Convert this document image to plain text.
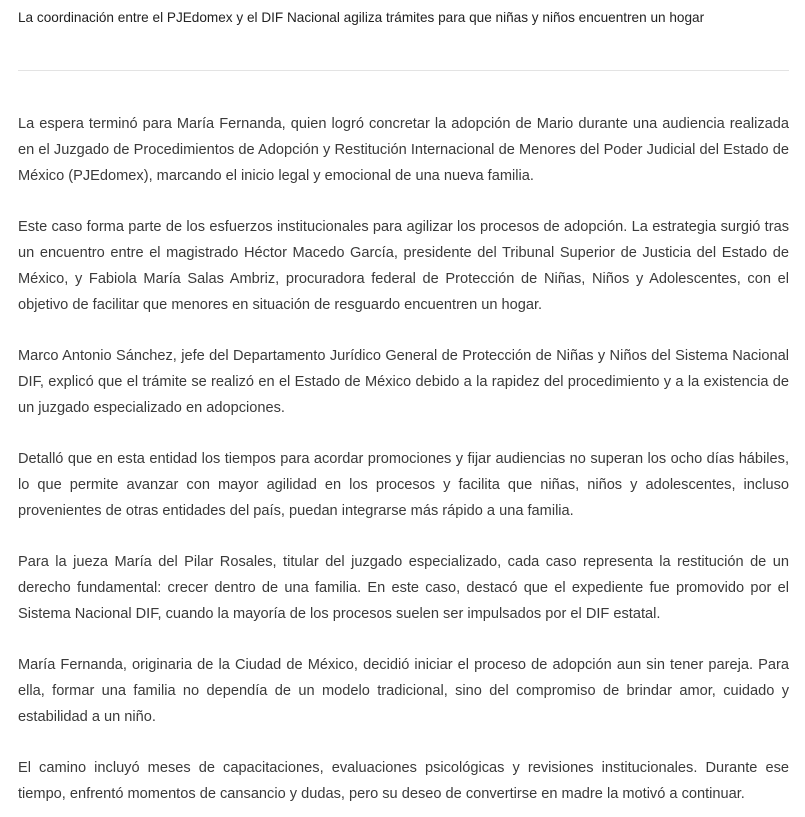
La coordinación entre el PJEdomex y el DIF Nacional agiliza trámites para que niñas y niños encuentren un hogar

La espera terminó para María Fernanda, quien logró concretar la adopción de Mario durante una audiencia realizada en el Juzgado de Procedimientos de Adopción y Restitución Internacional de Menores del Poder Judicial del Estado de México (PJEdomex), marcando el inicio legal y emocional de una nueva familia.

Este caso forma parte de los esfuerzos institucionales para agilizar los procesos de adopción. La estrategia surgió tras un encuentro entre el magistrado Héctor Macedo García, presidente del Tribunal Superior de Justicia del Estado de México, y Fabiola María Salas Ambriz, procuradora federal de Protección de Niñas, Niños y Adolescentes, con el objetivo de facilitar que menores en situación de resguardo encuentren un hogar.

Marco Antonio Sánchez, jefe del Departamento Jurídico General de Protección de Niñas y Niños del Sistema Nacional DIF, explicó que el trámite se realizó en el Estado de México debido a la rapidez del procedimiento y a la existencia de un juzgado especializado en adopciones.

Detalló que en esta entidad los tiempos para acordar promociones y fijar audiencias no superan los ocho días hábiles, lo que permite avanzar con mayor agilidad en los procesos y facilita que niñas, niños y adolescentes, incluso provenientes de otras entidades del país, puedan integrarse más rápido a una familia.

Para la jueza María del Pilar Rosales, titular del juzgado especializado, cada caso representa la restitución de un derecho fundamental: crecer dentro de una familia. En este caso, destacó que el expediente fue promovido por el Sistema Nacional DIF, cuando la mayoría de los procesos suelen ser impulsados por el DIF estatal.

María Fernanda, originaria de la Ciudad de México, decidió iniciar el proceso de adopción aun sin tener pareja. Para ella, formar una familia no dependía de un modelo tradicional, sino del compromiso de brindar amor, cuidado y estabilidad a un niño.

El camino incluyó meses de capacitaciones, evaluaciones psicológicas y revisiones institucionales. Durante ese tiempo, enfrentó momentos de cansancio y dudas, pero su deseo de convertirse en madre la motivó a continuar.
